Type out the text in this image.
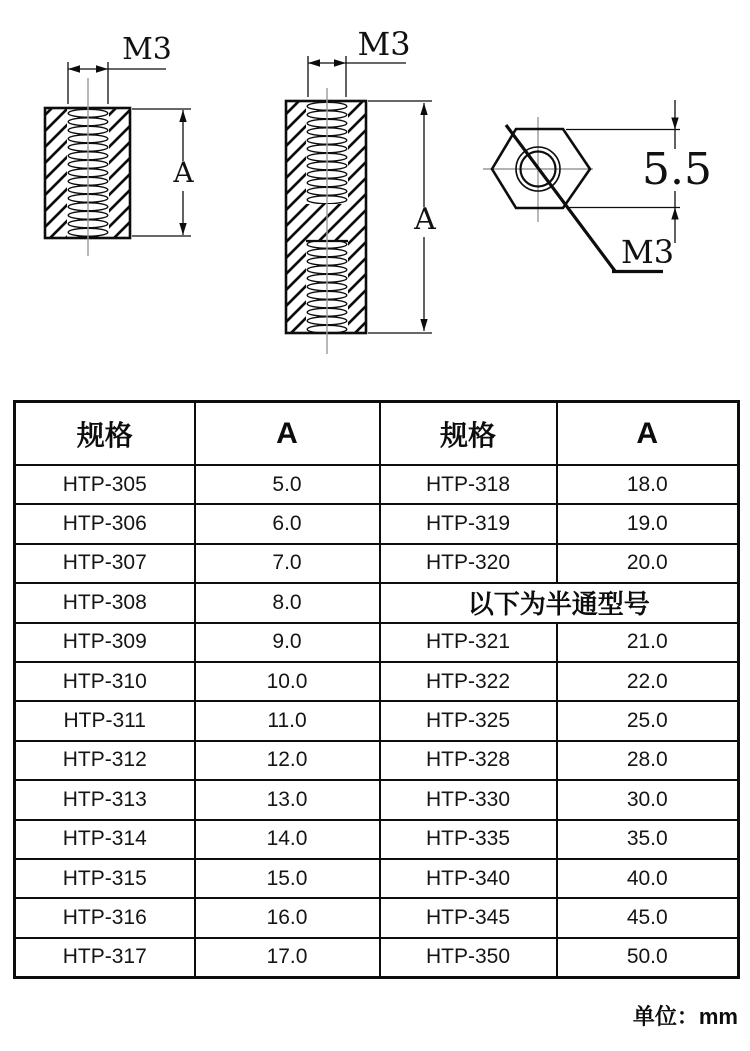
M3
A
M3
A
M3
5.5
规格	A	规格	A
HTP-305	5.0	HTP-318	18.0
HTP-306	6.0	HTP-319	19.0
HTP-307	7.0	HTP-320	20.0
HTP-308	8.0	以下为半通型号	
HTP-309	9.0	HTP-321	21.0
HTP-310	10.0	HTP-322	22.0
HTP-311	11.0	HTP-325	25.0
HTP-312	12.0	HTP-328	28.0
HTP-313	13.0	HTP-330	30.0
HTP-314	14.0	HTP-335	35.0
HTP-315	15.0	HTP-340	40.0
HTP-316	16.0	HTP-345	45.0
HTP-317	17.0	HTP-350	50.0
单位：mm
